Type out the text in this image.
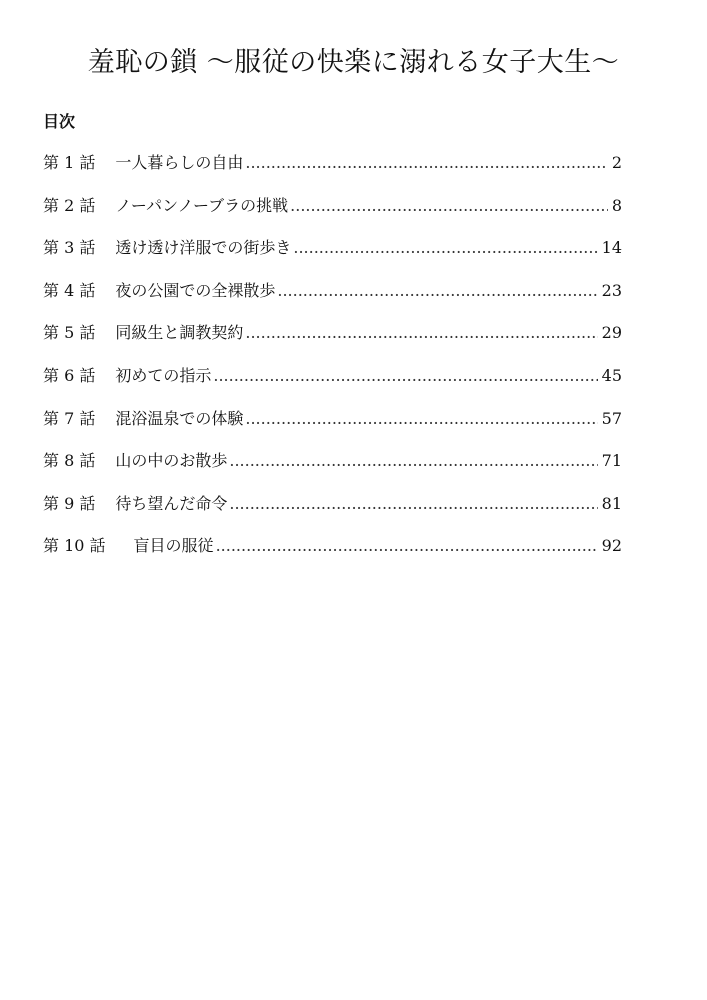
羞恥の鎖 ～服従の快楽に溺れる女子大生～
目次
第 1 話 一人暮らしの自由 .....	2
第 2 話 ノーパンノーブラの挑戦 .....	8
第 3 話 透け透け洋服での街歩き .....	14
第 4 話 夜の公園での全裸散歩 .....	23
第 5 話 同級生と調教契約 .....	29
第 6 話 初めての指示 .....	45
第 7 話 混浴温泉での体験 .....	57
第 8 話 山の中のお散歩 .....	71
第 9 話 待ち望んだ命令 .....	81
第 10 話 盲目の服従 .....	92
